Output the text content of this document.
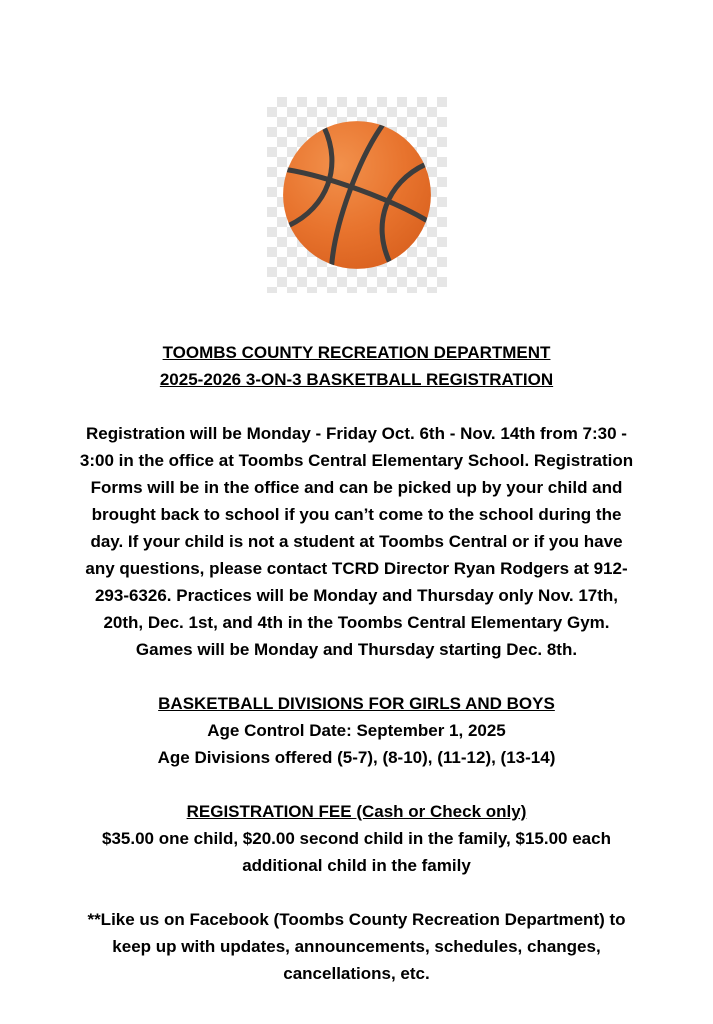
TOOMBS COUNTY RECREATION DEPARTMENT
2025-2026 3-ON-3 BASKETBALL REGISTRATION

Registration will be Monday - Friday Oct. 6th - Nov. 14th from 7:30 - 3:00 in the office at Toombs Central Elementary School. Registration Forms will be in the office and can be picked up by your child and brought back to school if you can’t come to the school during the day. If your child is not a student at Toombs Central or if you have any questions, please contact TCRD Director Ryan Rodgers at 912-293-6326. Practices will be Monday and Thursday only Nov. 17th, 20th, Dec. 1st, and 4th in the Toombs Central Elementary Gym. Games will be Monday and Thursday starting Dec. 8th.

BASKETBALL DIVISIONS FOR GIRLS AND BOYS

Age Control Date: September 1, 2025

Age Divisions offered (5-7), (8-10), (11-12), (13-14)

REGISTRATION FEE (Cash or Check only)

$35.00 one child, $20.00 second child in the family, $15.00 each additional child in the family

**Like us on Facebook (Toombs County Recreation Department) to keep up with updates, announcements, schedules, changes, cancellations, etc.
